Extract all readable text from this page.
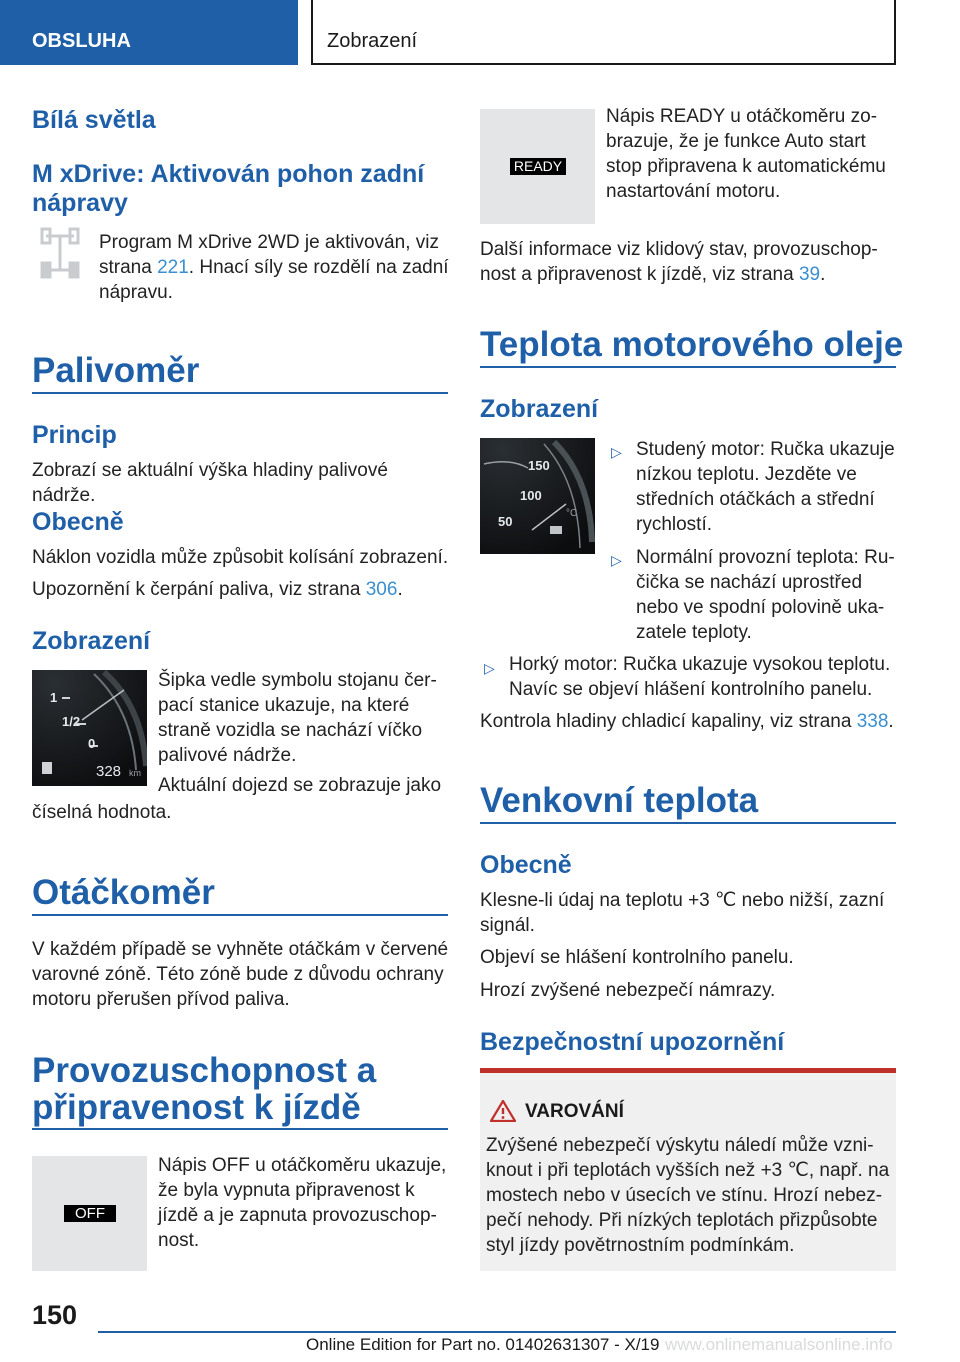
OBSLUHA	Zobrazení
Bílá světla
M xDrive: Aktivován pohon zadní nápravy
Program M xDrive 2WD je aktivován, viz
strana 221. Hnací síly se rozdělí na zadní
nápravu.
Palivoměr
Princip
Zobrazí se aktuální výška hladiny palivové nádrže.
Obecně
Náklon vozidla může způsobit kolísání zobrazení.
Upozornění k čerpání paliva, viz strana 306.
Zobrazení
1
1/2
0
328 km
Šipka vedle symbolu stojanu čer-
pací stanice ukazuje, na které
straně vozidla se nachází víčko
palivové nádrže.
Aktuální dojezd se zobrazuje jako
číselná hodnota.
Otáčkoměr
V každém případě se vyhněte otáčkám v červené
varovné zóně. Této zóně bude z důvodu ochrany
motoru přerušen přívod paliva.
Provozuschopnost a
připravenost k jízdě
OFF
Nápis OFF u otáčkoměru ukazuje,
že byla vypnuta připravenost k
jízdě a je zapnuta provozuschop-
nost.
READY
Nápis READY u otáčkoměru zo-
brazuje, že je funkce Auto start
stop připravena k automatickému
nastartování motoru.
Další informace viz klidový stav, provozuschop-
nost a připravenost k jízdě, viz strana 39.
Teplota motorového oleje
Zobrazení
150
100
50
°C
▷ Studený motor: Ručka ukazuje
nízkou teplotu. Jezděte ve
středních otáčkách a střední
rychlostí.
▷ Normální provozní teplota: Ru-
čička se nachází uprostřed
nebo ve spodní polovině uka-
zatele teploty.
▷ Horký motor: Ručka ukazuje vysokou teplotu.
Navíc se objeví hlášení kontrolního panelu.
Kontrola hladiny chladicí kapaliny, viz strana 338.
Venkovní teplota
Obecně
Klesne-li údaj na teplotu +3 ℃ nebo nižší, zazní
signál.
Objeví se hlášení kontrolního panelu.
Hrozí zvýšené nebezpečí námrazy.
Bezpečnostní upozornění
VAROVÁNÍ
Zvýšené nebezpečí výskytu náledí může vzni-
knout i při teplotách vyšších než +3 ℃, např. na
mostech nebo v úsecích ve stínu. Hrozí nebez-
pečí nehody. Při nízkých teplotách přizpůsobte
styl jízdy povětrnostním podmínkám.
150
Online Edition for Part no. 01402631307 - X/19 www.onlinemanualsonline.info
